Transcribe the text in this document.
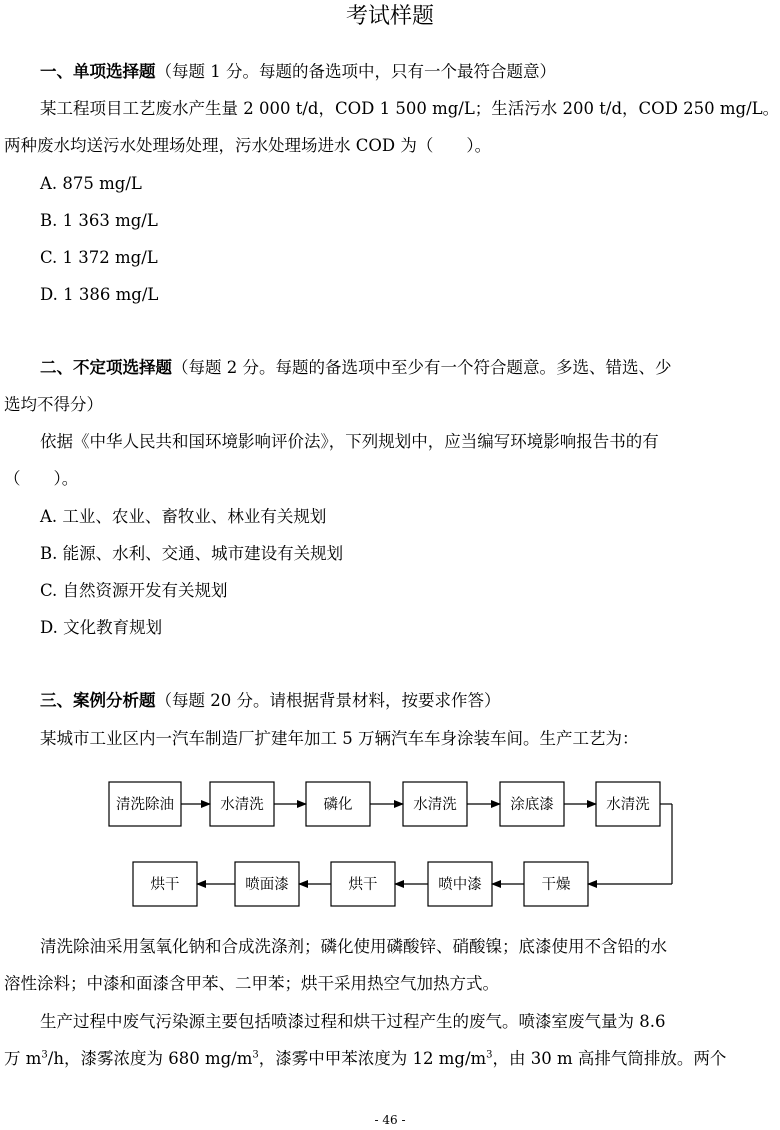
考试样题
一、单项选择题（每题 1 分。每题的备选项中，只有一个最符合题意）
某工程项目工艺废水产生量 2 000 t/d，COD 1 500 mg/L；生活污水 200 t/d，COD 250 mg/L。
两种废水均送污水处理场处理，污水处理场进水 COD 为（　　）。
A. 875 mg/L
B. 1 363 mg/L
C. 1 372 mg/L
D. 1 386 mg/L
二、不定项选择题（每题 2 分。每题的备选项中至少有一个符合题意。多选、错选、少
选均不得分）
依据《中华人民共和国环境影响评价法》，下列规划中，应当编写环境影响报告书的有
（　　）。
A. 工业、农业、畜牧业、林业有关规划
B. 能源、水利、交通、城市建设有关规划
C. 自然资源开发有关规划
D. 文化教育规划
三、案例分析题（每题 20 分。请根据背景材料，按要求作答）
某城市工业区内一汽车制造厂扩建年加工 5 万辆汽车车身涂装车间。生产工艺为：
清洗除油	水清洗	磷化	水清洗	涂底漆	水清洗
烘干	喷面漆	烘干	喷中漆	干燥
清洗除油采用氢氧化钠和合成洗涤剂；磷化使用磷酸锌、硝酸镍；底漆使用不含铅的水
溶性涂料；中漆和面漆含甲苯、二甲苯；烘干采用热空气加热方式。
生产过程中废气污染源主要包括喷漆过程和烘干过程产生的废气。喷漆室废气量为 8.6
万 $m^3/h$，漆雾浓度为 680 $mg/m^3$，漆雾中甲苯浓度为 12 $mg/m^3$，由 30 m 高排气筒排放。两个
- 46 -
